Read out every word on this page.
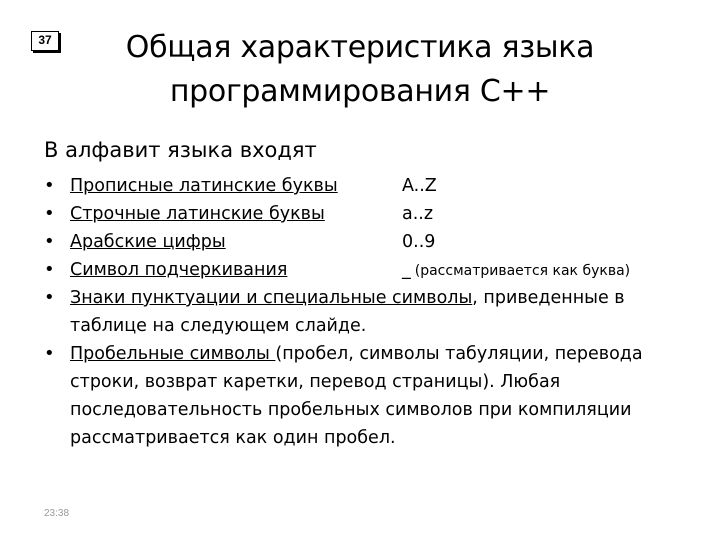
37	Общая характеристика языка
программирования С++
В алфавит языка входят
• Прописные латинские буквы	A..Z
• Строчные латинские буквы	a..z
• Арабские цифры	0..9
• Символ подчеркивания	_ (рассматривается как буква)
• Знаки пунктуации и специальные символы, приведенные в таблице на следующем слайде.
• Пробельные символы (пробел, символы табуляции, перевода строки, возврат каретки, перевод страницы). Любая последовательность пробельных символов при компиляции рассматривается как один пробел.
23:38
